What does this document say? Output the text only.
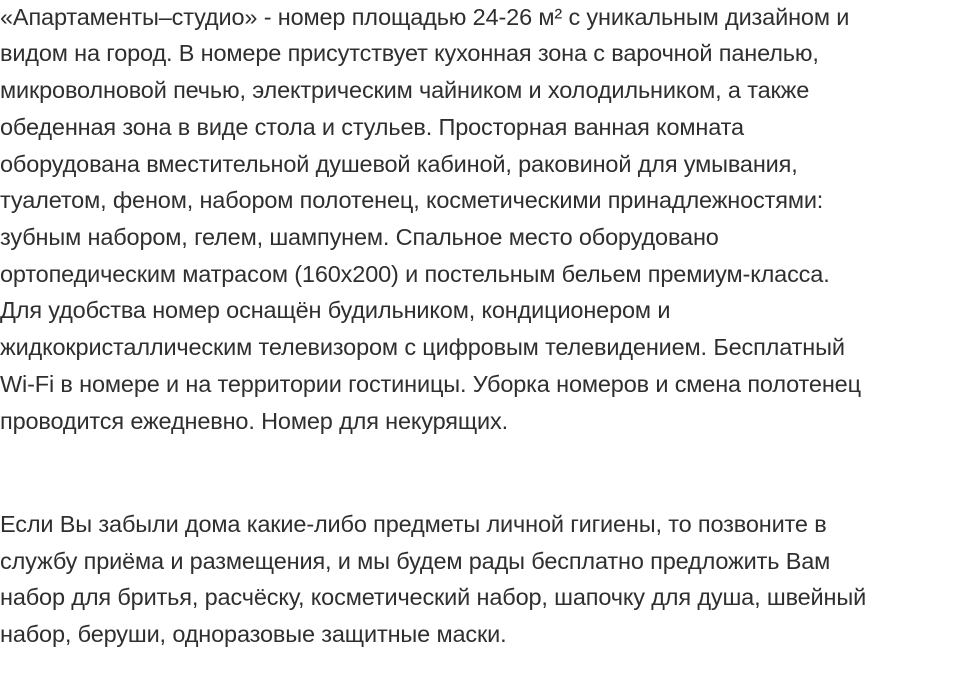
«Апартаменты–студио» - номер площадью 24-26 м² с уникальным дизайном и
видом на город. В номере присутствует кухонная зона с варочной панелью,
микроволновой печью, электрическим чайником и холодильником, а также
обеденная зона в виде стола и стульев. Просторная ванная комната
оборудована вместительной душевой кабиной, раковиной для умывания,
туалетом, феном, набором полотенец, косметическими принадлежностями:
зубным набором, гелем, шампунем. Спальное место оборудовано
ортопедическим матрасом (160х200) и постельным бельем премиум-класса.
Для удобства номер оснащён будильником, кондиционером и
жидкокристаллическим телевизором с цифровым телевидением. Бесплатный
Wi-Fi в номере и на территории гостиницы. Уборка номеров и смена полотенец
проводится ежедневно. Номер для некурящих.
Если Вы забыли дома какие-либо предметы личной гигиены, то позвоните в
службу приёма и размещения, и мы будем рады бесплатно предложить Вам
набор для бритья, расчёску, косметический набор, шапочку для душа, швейный
набор, беруши, одноразовые защитные маски.
